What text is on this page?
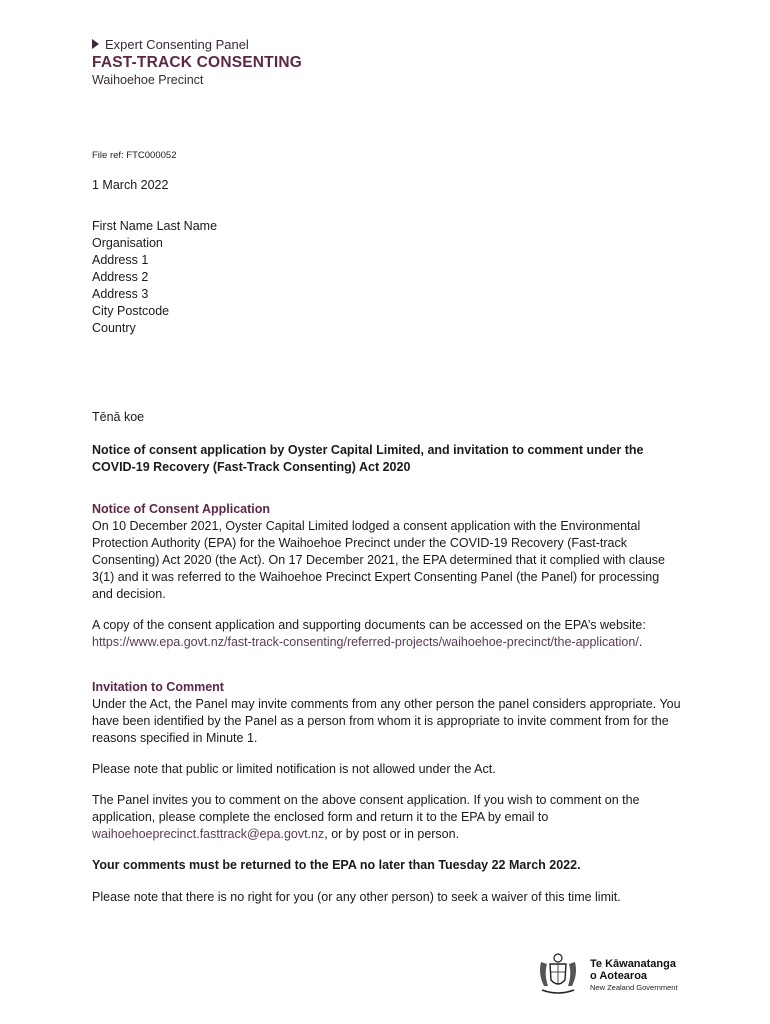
Expert Consenting Panel
FAST-TRACK CONSENTING
Waihoehoe Precinct
File ref: FTC000052
1 March 2022
First Name Last Name
Organisation
Address 1
Address 2
Address 3
City Postcode
Country
Tēnā koe
Notice of consent application by Oyster Capital Limited, and invitation to comment under the COVID-19 Recovery (Fast-Track Consenting) Act 2020
Notice of Consent Application
On 10 December 2021, Oyster Capital Limited lodged a consent application with the Environmental Protection Authority (EPA) for the Waihoehoe Precinct under the COVID-19 Recovery (Fast-track Consenting) Act 2020 (the Act). On 17 December 2021, the EPA determined that it complied with clause 3(1) and it was referred to the Waihoehoe Precinct Expert Consenting Panel (the Panel) for processing and decision.
A copy of the consent application and supporting documents can be accessed on the EPA’s website: https://www.epa.govt.nz/fast-track-consenting/referred-projects/waihoehoe-precinct/the-application/.
Invitation to Comment
Under the Act, the Panel may invite comments from any other person the panel considers appropriate. You have been identified by the Panel as a person from whom it is appropriate to invite comment from for the reasons specified in Minute 1.
Please note that public or limited notification is not allowed under the Act.
The Panel invites you to comment on the above consent application. If you wish to comment on the application, please complete the enclosed form and return it to the EPA by email to waihoehoeprecinct.fasttrack@epa.govt.nz, or by post or in person.
Your comments must be returned to the EPA no later than Tuesday 22 March 2022.
Please note that there is no right for you (or any other person) to seek a waiver of this time limit.
Te Kāwanatanga
o Aotearoa
New Zealand Government
